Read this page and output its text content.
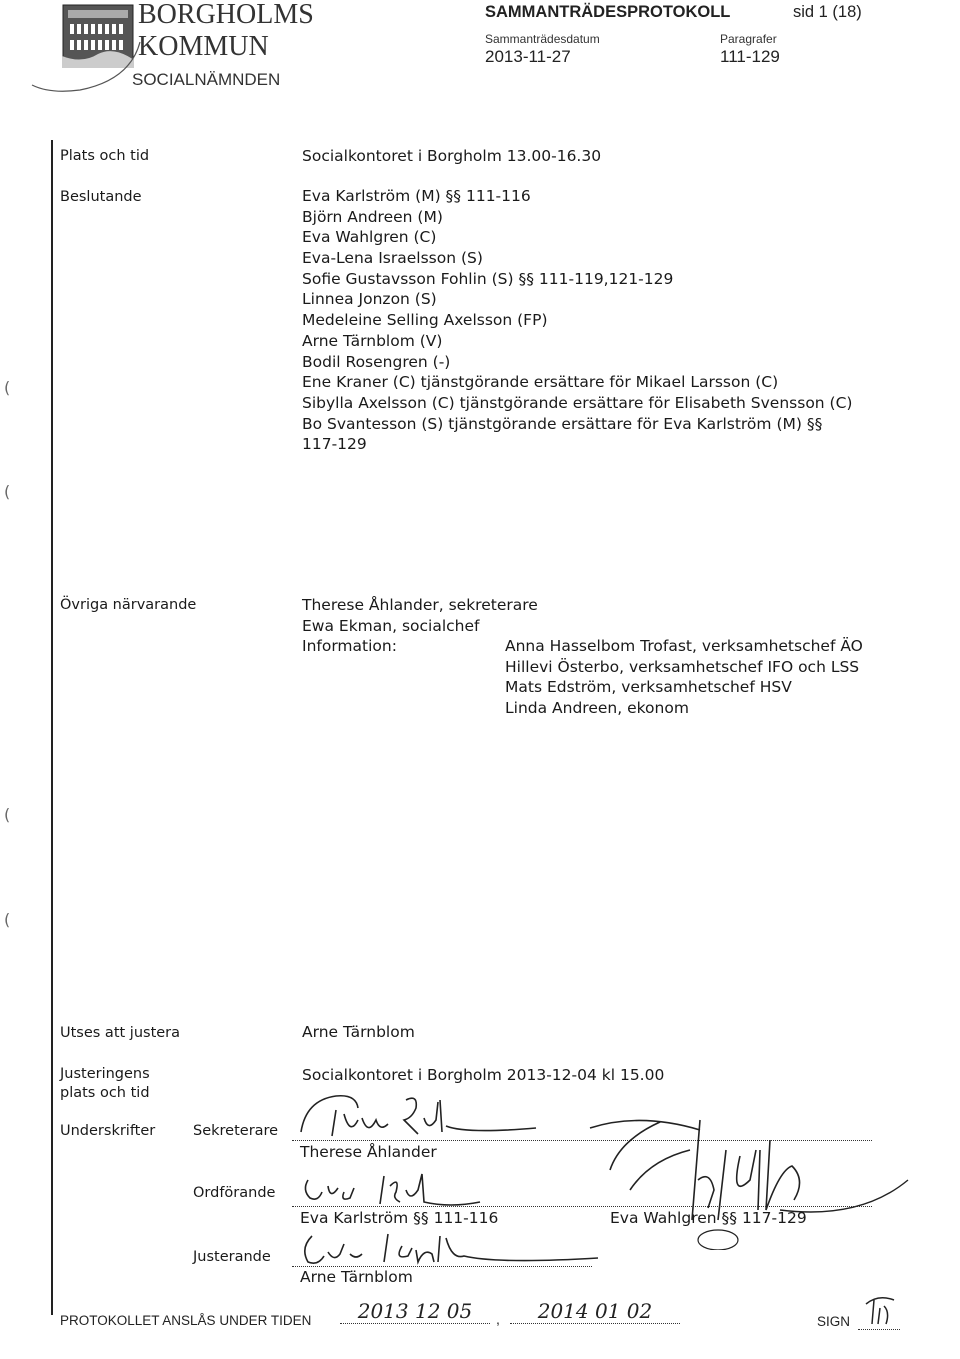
BORGHOLMS
KOMMUN
SOCIALNÄMNDEN
SAMMANTRÄDESPROTOKOLL	sid 1 (18)
Sammanträdesdatum
2013-11-27
Paragrafer
111-129
(
(
(
(
Plats och tid	Socialkontoret i Borgholm 13.00-16.30
Beslutande	Eva Karlström (M) §§ 111-116
Björn Andreen (M)
Eva Wahlgren (C)
Eva-Lena Israelsson (S)
Sofie Gustavsson Fohlin (S) §§ 111-119,121-129
Linnea Jonzon (S)
Medeleine Selling Axelsson (FP)
Arne Tärnblom (V)
Bodil Rosengren (-)
Ene Kraner (C) tjänstgörande ersättare för Mikael Larsson (C)
Sibylla Axelsson (C) tjänstgörande ersättare för Elisabeth Svensson (C)
Bo Svantesson (S) tjänstgörande ersättare för Eva Karlström (M) §§
117-129
Övriga närvarande	Therese Åhlander, sekreterare
Ewa Ekman, socialchef
Information:	Anna Hasselbom Trofast, verksamhetschef ÄO
Hillevi Österbo, verksamhetschef IFO och LSS
Mats Edström, verksamhetschef HSV
Linda Andreen, ekonom
Utses att justera	Arne Tärnblom
Justeringens
plats och tid
Socialkontoret i Borgholm 2013-12-04 kl 15.00
Underskrifter	Sekreterare
Therese Åhlander
Ordförande
Eva Karlström §§ 111-116	Eva Wahlgren §§ 117-129
Justerande
Arne Tärnblom
PROTOKOLLET ANSLÅS UNDER TIDEN	2013 12 05	,	2014 01 02	SIGN
